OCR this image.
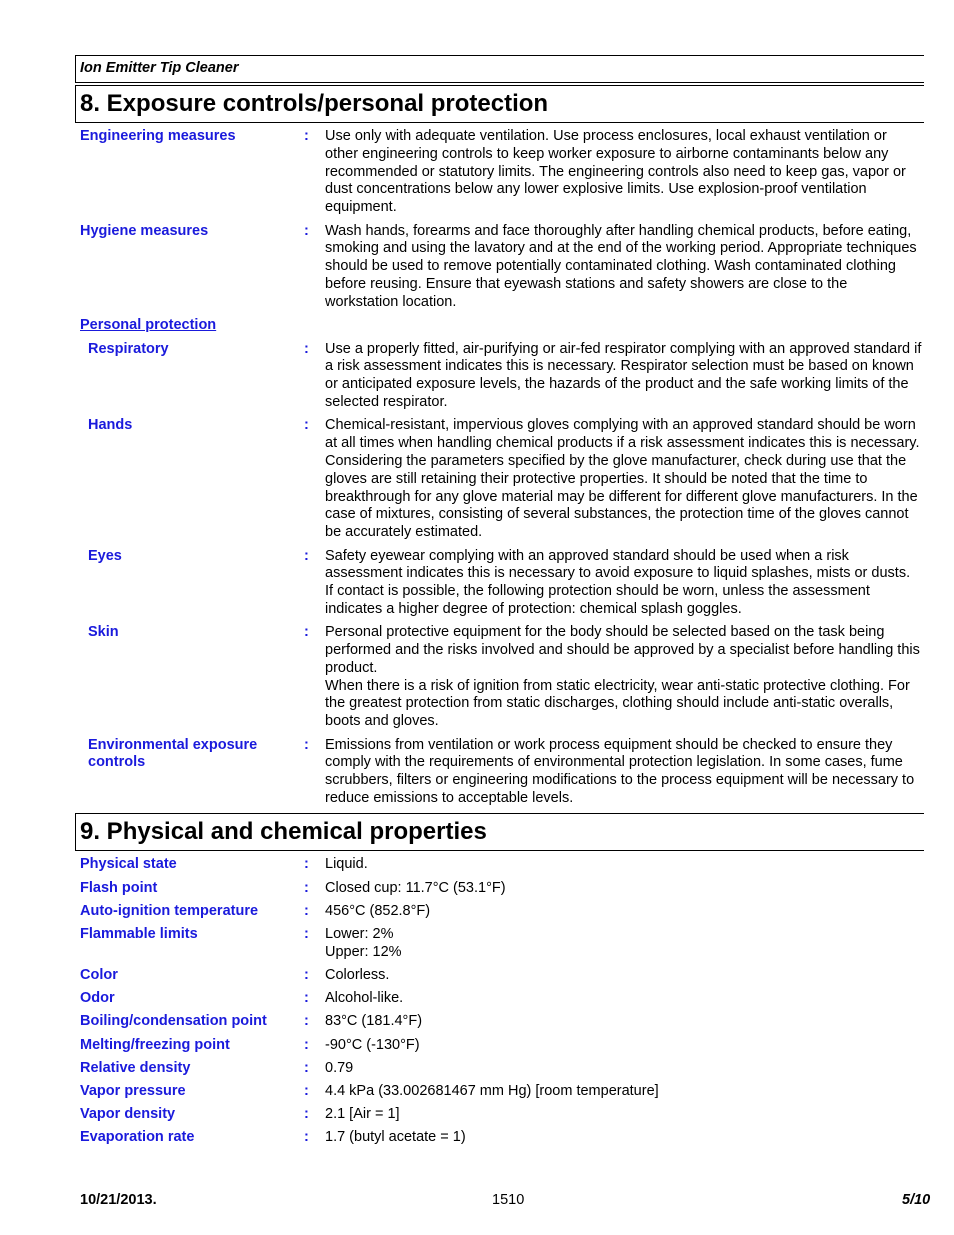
Ion Emitter Tip Cleaner
8. Exposure controls/personal protection
Engineering measures	:	Use only with adequate ventilation. Use process enclosures, local exhaust ventilation or other engineering controls to keep worker exposure to airborne contaminants below any recommended or statutory limits. The engineering controls also need to keep gas, vapor or dust concentrations below any lower explosive limits. Use explosion-proof ventilation equipment.
Hygiene measures	:	Wash hands, forearms and face thoroughly after handling chemical products, before eating, smoking and using the lavatory and at the end of the working period. Appropriate techniques should be used to remove potentially contaminated clothing. Wash contaminated clothing before reusing. Ensure that eyewash stations and safety showers are close to the workstation location.
Personal protection
Respiratory	:	Use a properly fitted, air-purifying or air-fed respirator complying with an approved standard if a risk assessment indicates this is necessary. Respirator selection must be based on known or anticipated exposure levels, the hazards of the product and the safe working limits of the selected respirator.
Hands	:	Chemical-resistant, impervious gloves complying with an approved standard should be worn at all times when handling chemical products if a risk assessment indicates this is necessary. Considering the parameters specified by the glove manufacturer, check during use that the gloves are still retaining their protective properties. It should be noted that the time to breakthrough for any glove material may be different for different glove manufacturers. In the case of mixtures, consisting of several substances, the protection time of the gloves cannot be accurately estimated.
Eyes	:	Safety eyewear complying with an approved standard should be used when a risk assessment indicates this is necessary to avoid exposure to liquid splashes, mists or dusts. If contact is possible, the following protection should be worn, unless the assessment indicates a higher degree of protection: chemical splash goggles.
Skin	:	Personal protective equipment for the body should be selected based on the task being performed and the risks involved and should be approved by a specialist before handling this product.
When there is a risk of ignition from static electricity, wear anti-static protective clothing. For the greatest protection from static discharges, clothing should include anti-static overalls, boots and gloves.
Environmental exposure controls
:	Emissions from ventilation or work process equipment should be checked to ensure they comply with the requirements of environmental protection legislation. In some cases, fume scrubbers, filters or engineering modifications to the process equipment will be necessary to reduce emissions to acceptable levels.
9. Physical and chemical properties
Physical state	:	Liquid.
Flash point	:	Closed cup: 11.7°C (53.1°F)
Auto-ignition temperature	:	456°C (852.8°F)
Flammable limits	:	Lower: 2%
Upper: 12%
Color	:	Colorless.
Odor	:	Alcohol-like.
Boiling/condensation point	:	83°C (181.4°F)
Melting/freezing point	:	-90°C (-130°F)
Relative density	:	0.79
Vapor pressure	:	4.4 kPa (33.002681467 mm Hg) [room temperature]
Vapor density	:	2.1 [Air = 1]
Evaporation rate	:	1.7 (butyl acetate = 1)
10/21/2013.	1510	5/10
